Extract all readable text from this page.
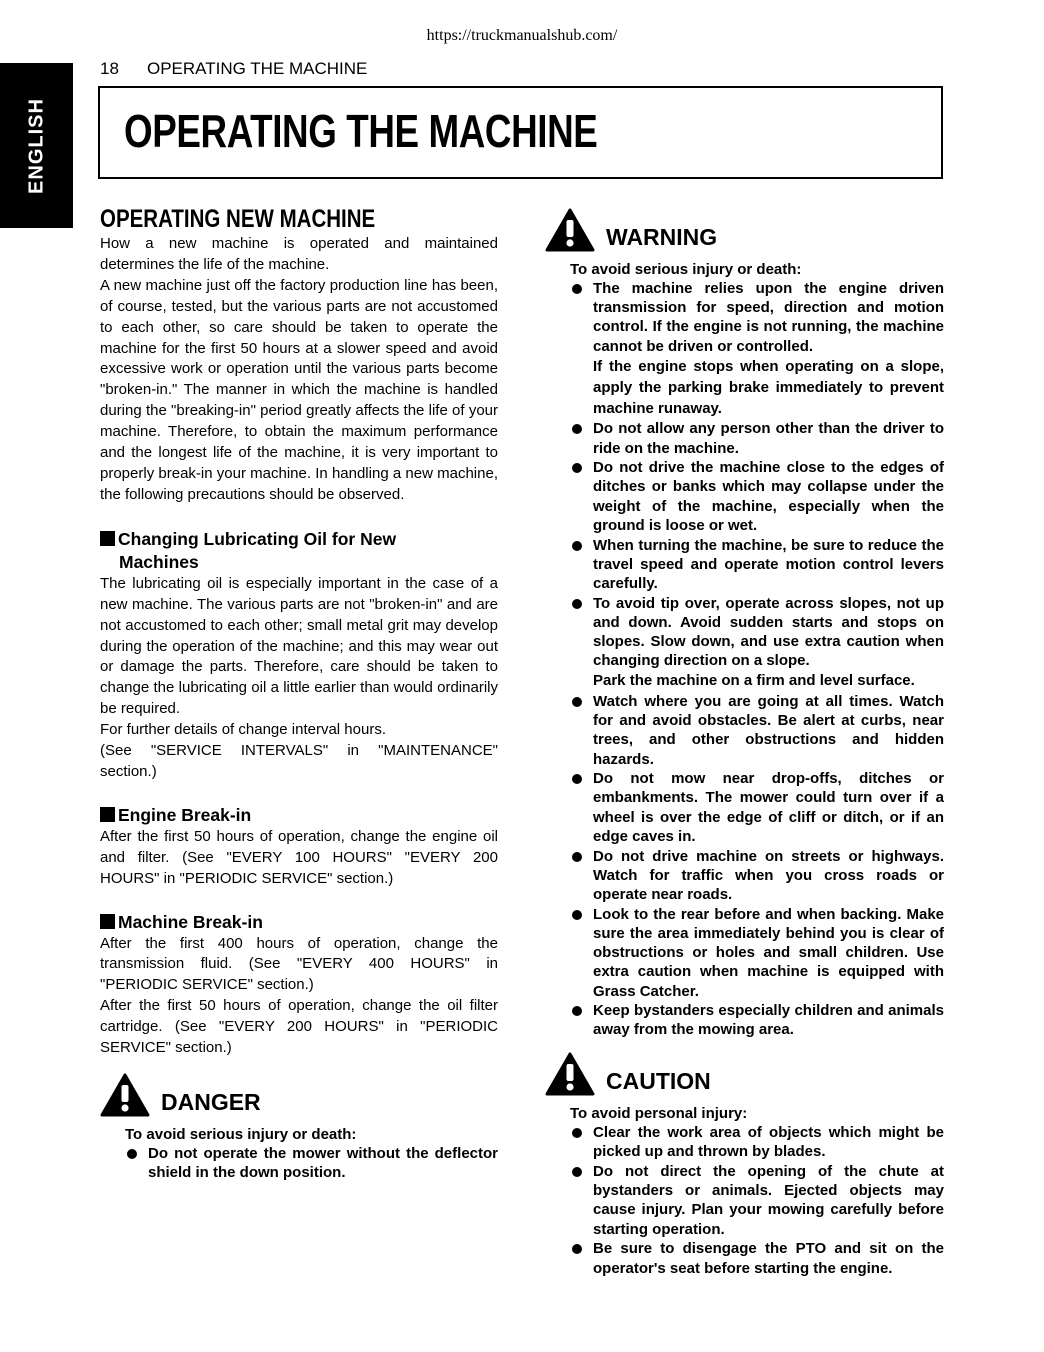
https://truckmanualshub.com/
18 OPERATING THE MACHINE
ENGLISH OPERATING THE MACHINE
OPERATING NEW MACHINE

How a new machine is operated and maintained determines the life of the machine.

A new machine just off the factory production line has been, of course, tested, but the various parts are not accustomed to each other, so care should be taken to operate the machine for the first 50 hours at a slower speed and avoid excessive work or operation until the various parts become "broken-in." The manner in which the machine is handled during the "breaking-in" period greatly affects the life of your machine. Therefore, to obtain the maximum performance and the longest life of the machine, it is very important to properly break-in your machine. In handling a new machine, the following precautions should be observed.

Changing Lubricating Oil for New
Machines

The lubricating oil is especially important in the case of a new machine. The various parts are not "broken-in" and are not accustomed to each other; small metal grit may develop during the operation of the machine; and this may wear out or damage the parts. Therefore, care should be taken to change the lubricating oil a little earlier than would ordinarily be required.

For further details of change interval hours.

(See "SERVICE INTERVALS" in "MAINTENANCE" section.)

Engine Break-in

After the first 50 hours of operation, change the engine oil and filter. (See "EVERY 100 HOURS" "EVERY 200 HOURS" in "PERIODIC SERVICE" section.)

Machine Break-in

After the first 400 hours of operation, change the transmission fluid. (See "EVERY 400 HOURS" in "PERIODIC SERVICE" section.)

After the first 50 hours of operation, change the oil filter cartridge. (See "EVERY 200 HOURS" in "PERIODIC SERVICE" section.)

DANGER
To avoid serious injury or death:
Do not operate the mower without the deflector shield in the down position.
WARNING
To avoid serious injury or death:
The machine relies upon the engine driven transmission for speed, direction and motion control. If the engine is not running, the machine cannot be driven or controlled.
If the engine stops when operating on a slope, apply the parking brake immediately to prevent machine runaway.
Do not allow any person other than the driver to ride on the machine.
Do not drive the machine close to the edges of ditches or banks which may collapse under the weight of the machine, especially when the ground is loose or wet.
When turning the machine, be sure to reduce the travel speed and operate motion control levers carefully.
To avoid tip over, operate across slopes, not up and down. Avoid sudden starts and stops on slopes. Slow down, and use extra caution when changing direction on a slope.
Park the machine on a firm and level surface.
Watch where you are going at all times. Watch for and avoid obstacles. Be alert at curbs, near trees, and other obstructions and hidden hazards.
Do not mow near drop-offs, ditches or embankments. The mower could turn over if a wheel is over the edge of cliff or ditch, or if an edge caves in.
Do not drive machine on streets or highways. Watch for traffic when you cross roads or operate near roads.
Look to the rear before and when backing. Make sure the area immediately behind you is clear of obstructions or holes and small children. Use extra caution when machine is equipped with Grass Catcher.
Keep bystanders especially children and animals away from the mowing area.
CAUTION
To avoid personal injury:
Clear the work area of objects which might be picked up and thrown by blades.
Do not direct the opening of the chute at bystanders or animals. Ejected objects may cause injury. Plan your mowing carefully before starting operation.
Be sure to disengage the PTO and sit on the operator's seat before starting the engine.
